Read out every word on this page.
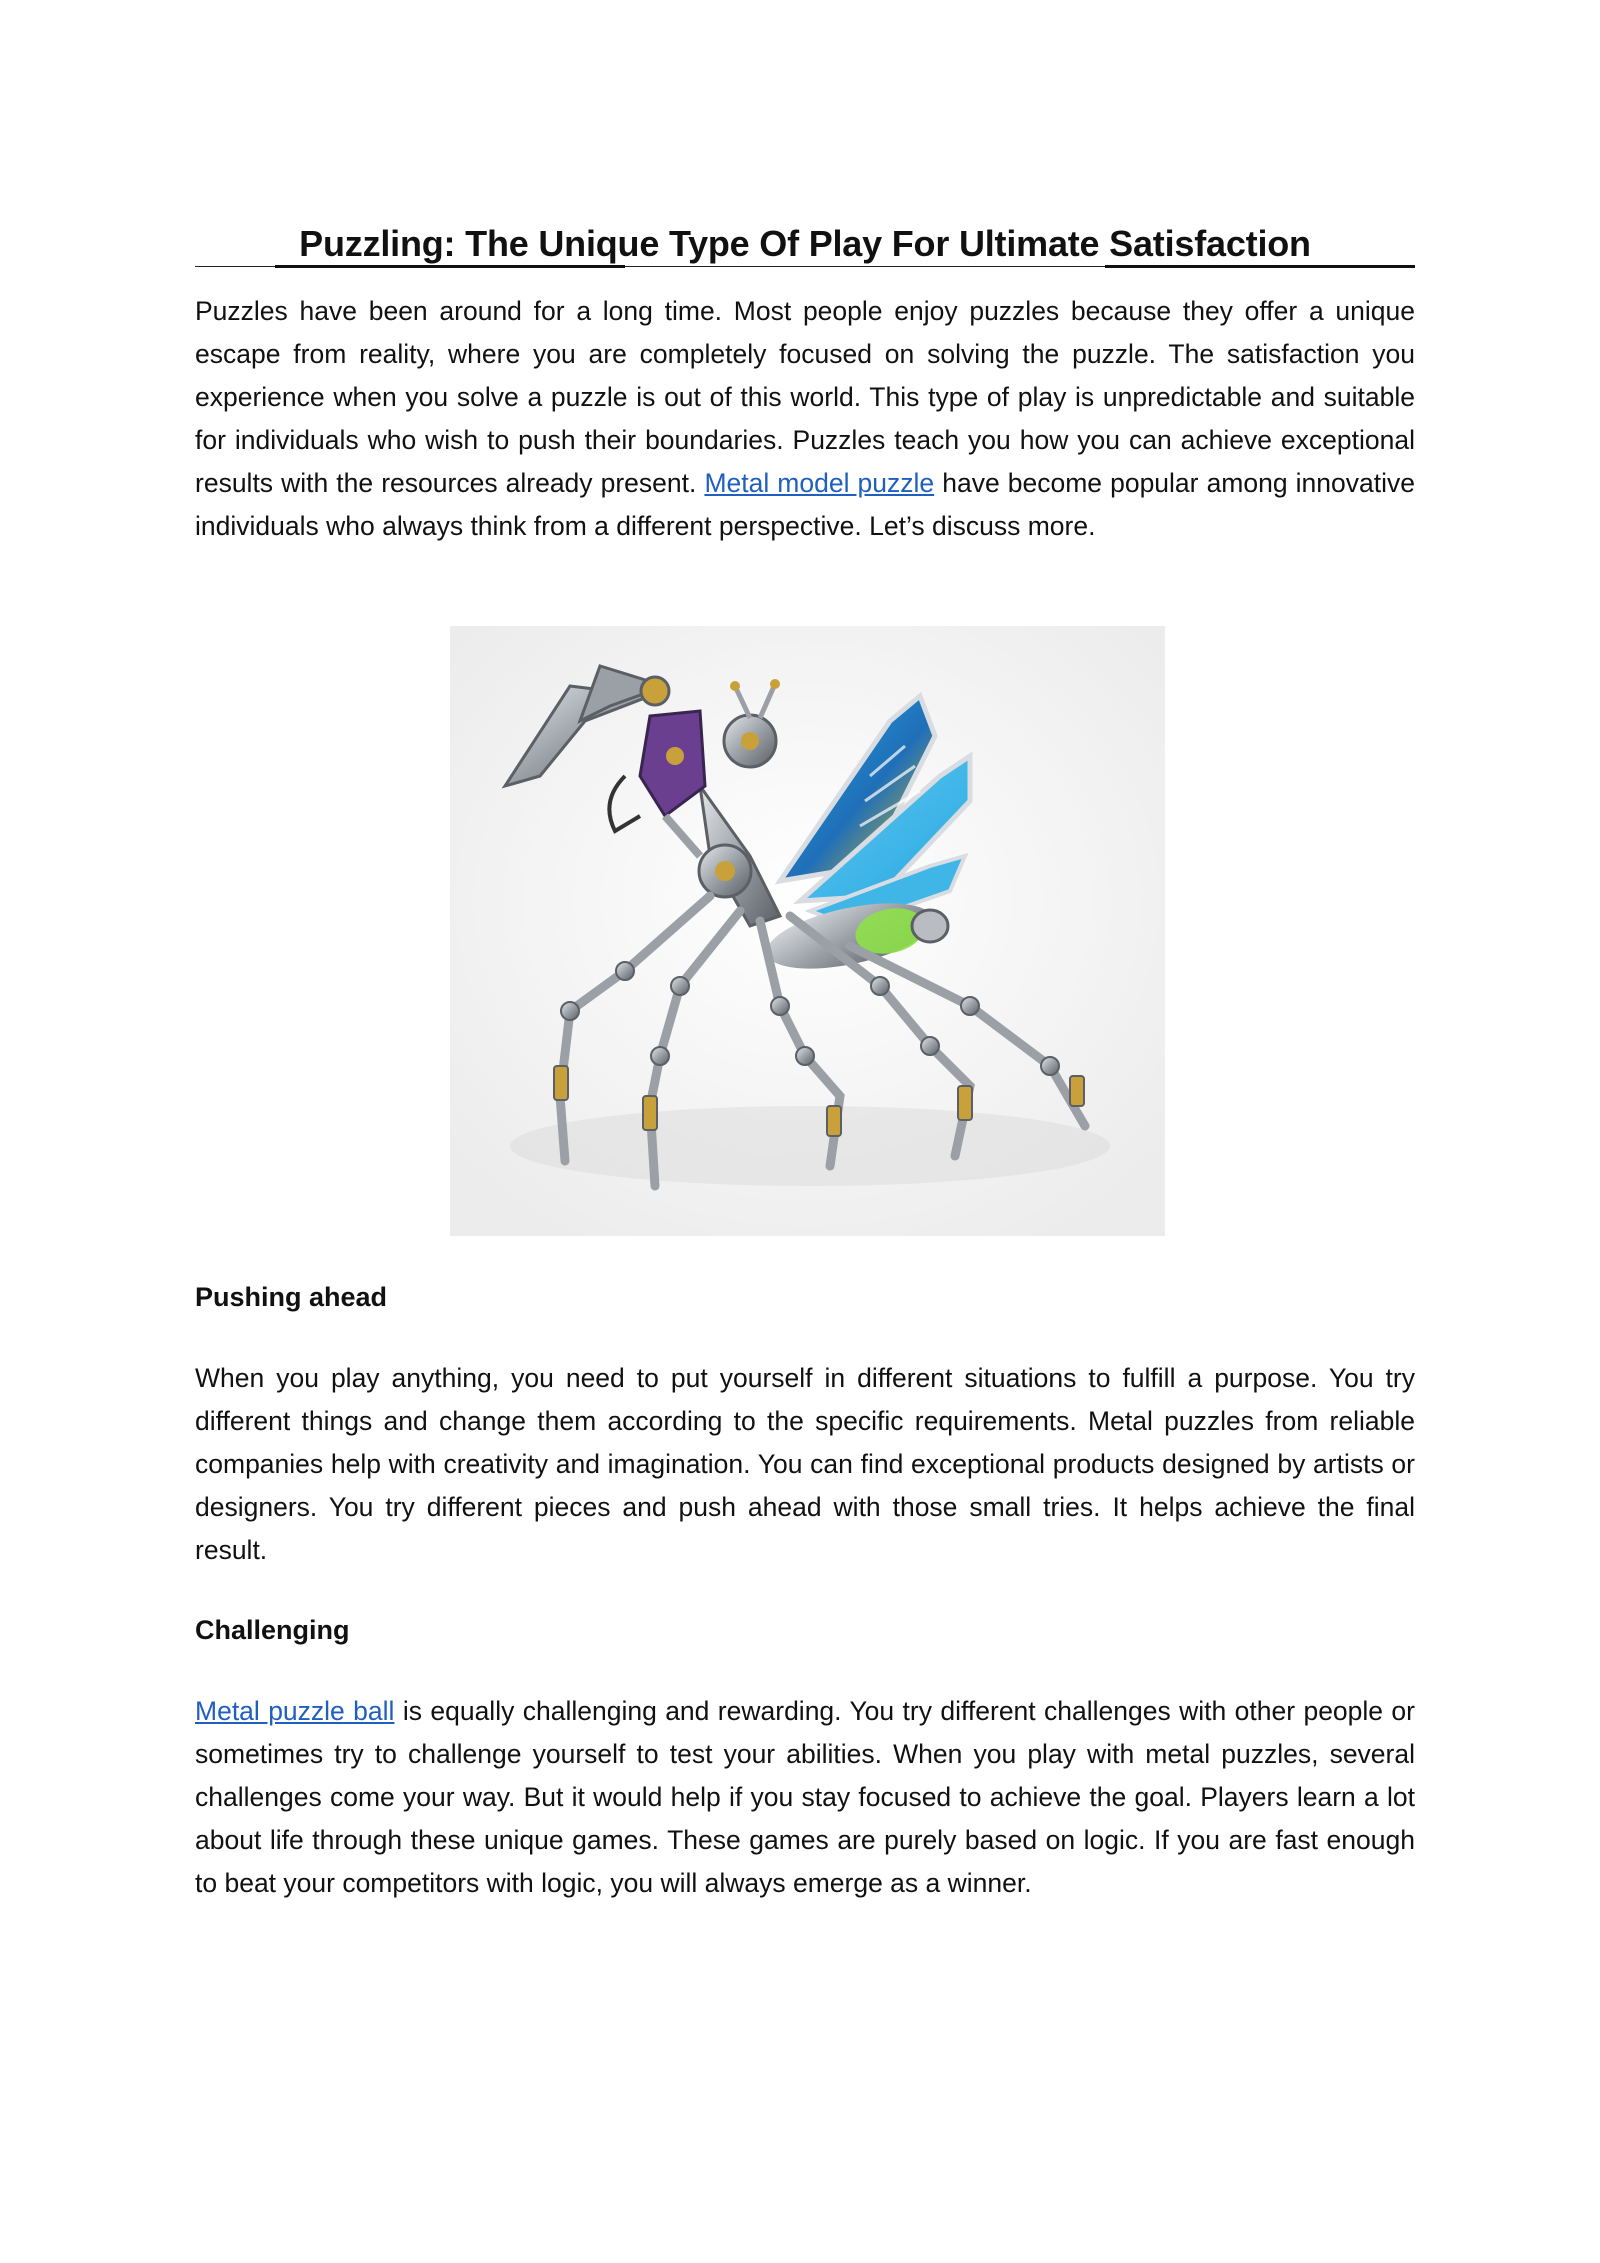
Puzzling: The Unique Type Of Play For Ultimate Satisfaction

Puzzles have been around for a long time. Most people enjoy puzzles because they offer a unique escape from reality, where you are completely focused on solving the puzzle. The satisfaction you experience when you solve a puzzle is out of this world. This type of play is unpredictable and suitable for individuals who wish to push their boundaries. Puzzles teach you how you can achieve exceptional results with the resources already present. Metal model puzzle have become popular among innovative individuals who always think from a different perspective. Let’s discuss more.

Pushing ahead

When you play anything, you need to put yourself in different situations to fulfill a purpose. You try different things and change them according to the specific requirements. Metal puzzles from reliable companies help with creativity and imagination. You can find exceptional products designed by artists or designers. You try different pieces and push ahead with those small tries. It helps achieve the final result.

Challenging

Metal puzzle ball is equally challenging and rewarding. You try different challenges with other people or sometimes try to challenge yourself to test your abilities. When you play with metal puzzles, several challenges come your way. But it would help if you stay focused to achieve the goal. Players learn a lot about life through these unique games. These games are purely based on logic. If you are fast enough to beat your competitors with logic, you will always emerge as a winner.
